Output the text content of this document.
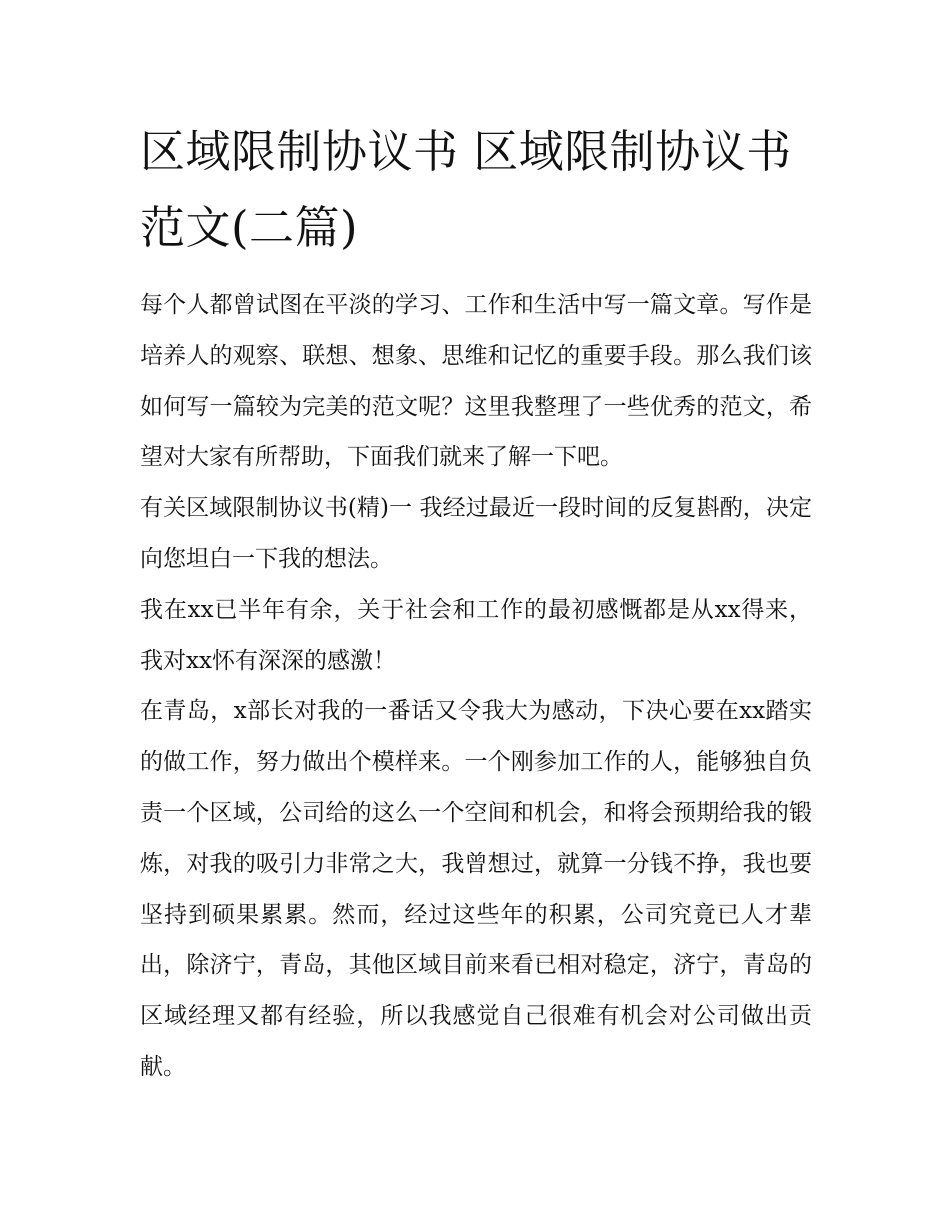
区域限制协议书 区域限制协议书范文(二篇)

每个人都曾试图在平淡的学习、工作和生活中写一篇文章。写作是培养人的观察、联想、想象、思维和记忆的重要手段。那么我们该如何写一篇较为完美的范文呢？这里我整理了一些优秀的范文，希望对大家有所帮助，下面我们就来了解一下吧。

有关区域限制协议书(精)一 我经过最近一段时间的反复斟酌，决定向您坦白一下我的想法。

我在xx已半年有余，关于社会和工作的最初感慨都是从xx得来，我对xx怀有深深的感激！

在青岛，x部长对我的一番话又令我大为感动，下决心要在xx踏实的做工作，努力做出个模样来。一个刚参加工作的人，能够独自负责一个区域，公司给的这么一个空间和机会，和将会预期给我的锻炼，对我的吸引力非常之大，我曾想过，就算一分钱不挣，我也要坚持到硕果累累。然而，经过这些年的积累，公司究竟已人才辈出，除济宁，青岛，其他区域目前来看已相对稳定，济宁，青岛的区域经理又都有经验，所以我感觉自己很难有机会对公司做出贡献。
